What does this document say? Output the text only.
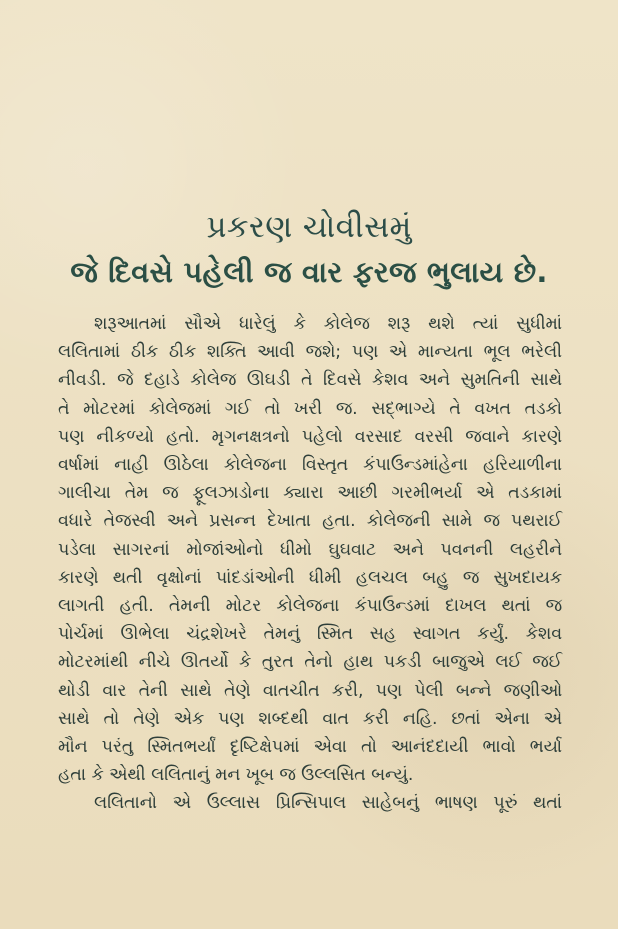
પ્રકરણ ચોવીસમું
જે દિવસે પહેલી જ વાર ફરજ ભુલાય છે.
શરૂઆતમાં સૌએ ધારેલું કે કોલેજ શરૂ થશે ત્યાં સુધીમાં
લલિતામાં ઠીક ઠીક શક્તિ આવી જશે; પણ એ માન્યતા ભૂલ ભરેલી
નીવડી. જે દહાડે કોલેજ ઊઘડી તે દિવસે કેશવ અને સુમતિની સાથે
તે મોટરમાં કોલેજમાં ગઈ તો ખરી જ. સદ્ભાગ્યે તે વખત તડકો
પણ નીકળ્યો હતો. મૃગનક્ષત્રનો પહેલો વરસાદ વરસી જવાને કારણે
વર્ષામાં નાહી ઊઠેલા કોલેજના વિસ્તૃત કંપાઉન્ડમાંહેના હરિયાળીના
ગાલીચા તેમ જ ફૂલઝાડોના ક્યારા આછી ગરમીભર્યા એ તડકામાં
વધારે તેજસ્વી અને પ્રસન્ન દેખાતા હતા. કોલેજની સામે જ પથરાઈ
પડેલા સાગરનાં મોજાંઓનો ધીમો ઘુઘવાટ અને પવનની લહરીને
કારણે થતી વૃક્ષોનાં પાંદડાંઓની ધીમી હલચલ બહુ જ સુખદાયક
લાગતી હતી. તેમની મોટર કોલેજના કંપાઉન્ડમાં દાખલ થતાં જ
પોર્ચમાં ઊભેલા ચંદ્રશેખરે તેમનું સ્મિત સહ સ્વાગત કર્યું. કેશવ
મોટરમાંથી નીચે ઊતર્યો કે તુરત તેનો હાથ પકડી બાજુએ લઈ જઈ
થોડી વાર તેની સાથે તેણે વાતચીત કરી, પણ પેલી બન્ને જણીઓ
સાથે તો તેણે એક પણ શબ્દથી વાત કરી નહિ. છતાં એના એ
મૌન પરંતુ સ્મિતભર્યાં દૃષ્ટિક્ષેપમાં એવા તો આનંદદાયી ભાવો ભર્યા
હતા કે એથી લલિતાનું મન ખૂબ જ ઉલ્લસિત બન્યું.
લલિતાનો એ ઉલ્લાસ પ્રિન્સિપાલ સાહેબનું ભાષણ પૂરું થતાં
